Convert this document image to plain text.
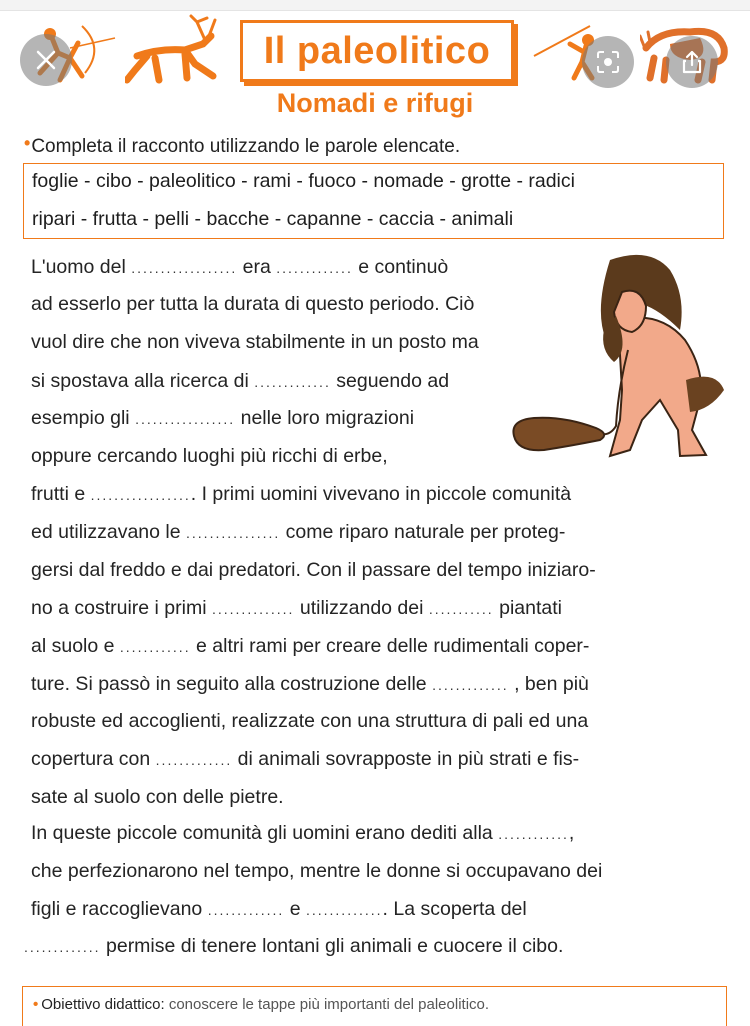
Il paleolitico
Nomadi e rifugi
•Completa il racconto utilizzando le parole elencate.
foglie - cibo - paleolitico - rami - fuoco - nomade - grotte - radici
ripari - frutta - pelli - bacche - capanne - caccia - animali
L'uomo del .................. era ............. e continuò
ad esserlo per tutta la durata di questo periodo. Ciò
vuol dire che non viveva stabilmente in un posto ma
si spostava alla ricerca di ............. seguendo ad
esempio gli ................. nelle loro migrazioni
oppure cercando luoghi più ricchi di erbe,
frutti e .................. I primi uomini vivevano in piccole comunità
ed utilizzavano le ................ come riparo naturale per proteg-
gersi dal freddo e dai predatori. Con il passare del tempo iniziaro-
no a costruire i primi .............. utilizzando dei ........... piantati
al suolo e ............ e altri rami per creare delle rudimentali coper-
ture. Si passò in seguito alla costruzione delle ............. , ben più
robuste ed accoglienti, realizzate con una struttura di pali ed una
copertura con ............. di animali sovrapposte in più strati e fis-
sate al suolo con delle pietre.
In queste piccole comunità gli uomini erano dediti alla ............,
che perfezionarono nel tempo, mentre le donne si occupavano dei
figli e raccoglievano ............. e .............. La scoperta del
............. permise di tenere lontani gli animali e cuocere il cibo.
• Obiettivo didattico: conoscere le tappe più importanti del paleolitico.
